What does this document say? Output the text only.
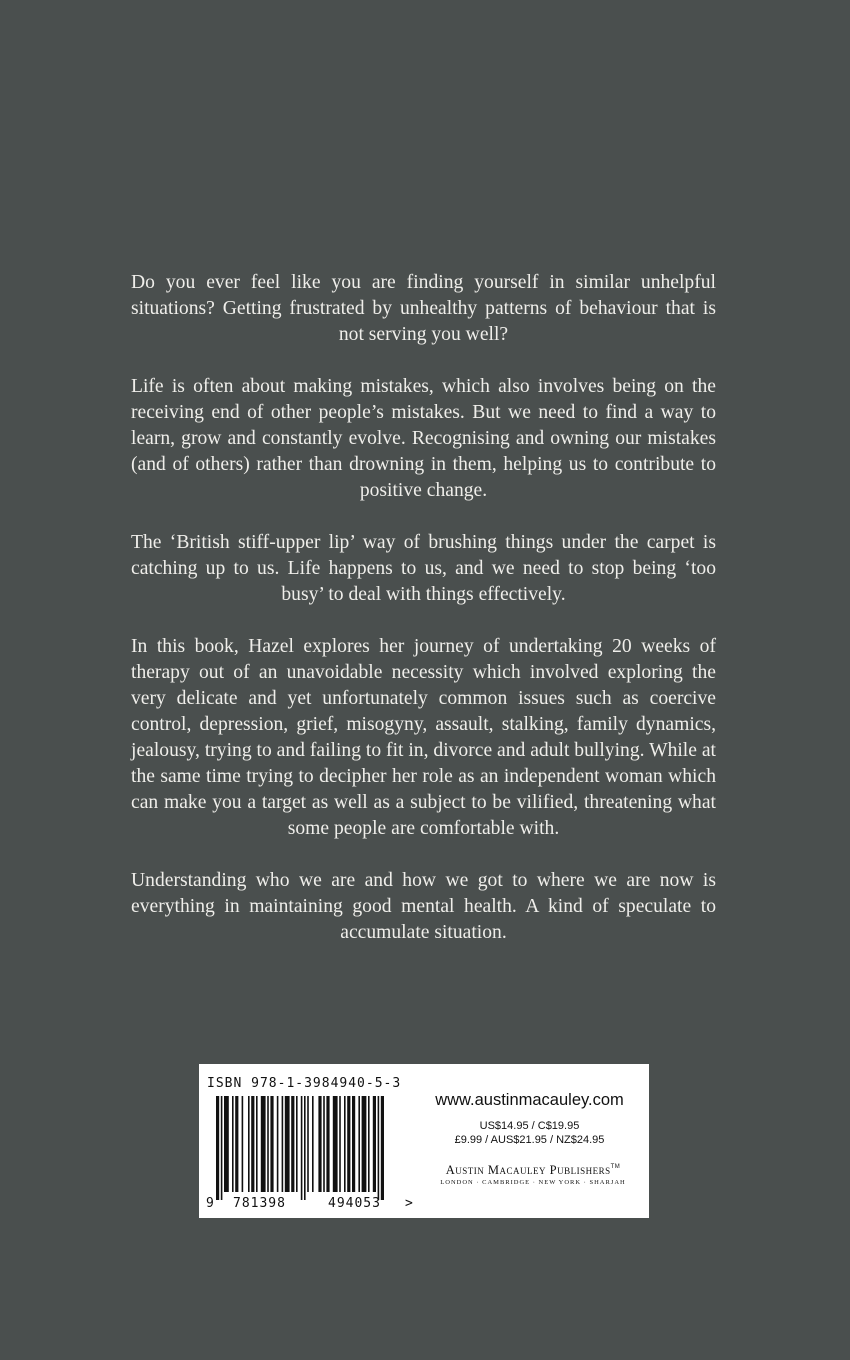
Do you ever feel like you are finding yourself in similar unhelpful situations? Getting frustrated by unhealthy patterns of behaviour that is not serving you well?

Life is often about making mistakes, which also involves being on the receiving end of other people’s mistakes. But we need to find a way to learn, grow and constantly evolve. Recognising and owning our mistakes (and of others) rather than drowning in them, helping us to contribute to positive change.

The ‘British stiff-upper lip’ way of brushing things under the carpet is catching up to us. Life happens to us, and we need to stop being ‘too busy’ to deal with things effectively.

In this book, Hazel explores her journey of undertaking 20 weeks of therapy out of an unavoidable necessity which involved exploring the very delicate and yet unfortunately common issues such as coercive control, depression, grief, misogyny, assault, stalking, family dynamics, jealousy, trying to and failing to fit in, divorce and adult bullying. While at the same time trying to decipher her role as an independent woman which can make you a target as well as a subject to be vilified, threatening what some people are comfortable with.

Understanding who we are and how we got to where we are now is everything in maintaining good mental health. A kind of speculate to accumulate situation.

ISBN 978-1-3984940-5-3
9 781398	494053 >
www.austinmacauley.com
US$14.95 / C$19.95
£9.99 / AUS$21.95 / NZ$24.95
Austin Macauley Publishers™
LONDON · CAMBRIDGE · NEW YORK · SHARJAH
